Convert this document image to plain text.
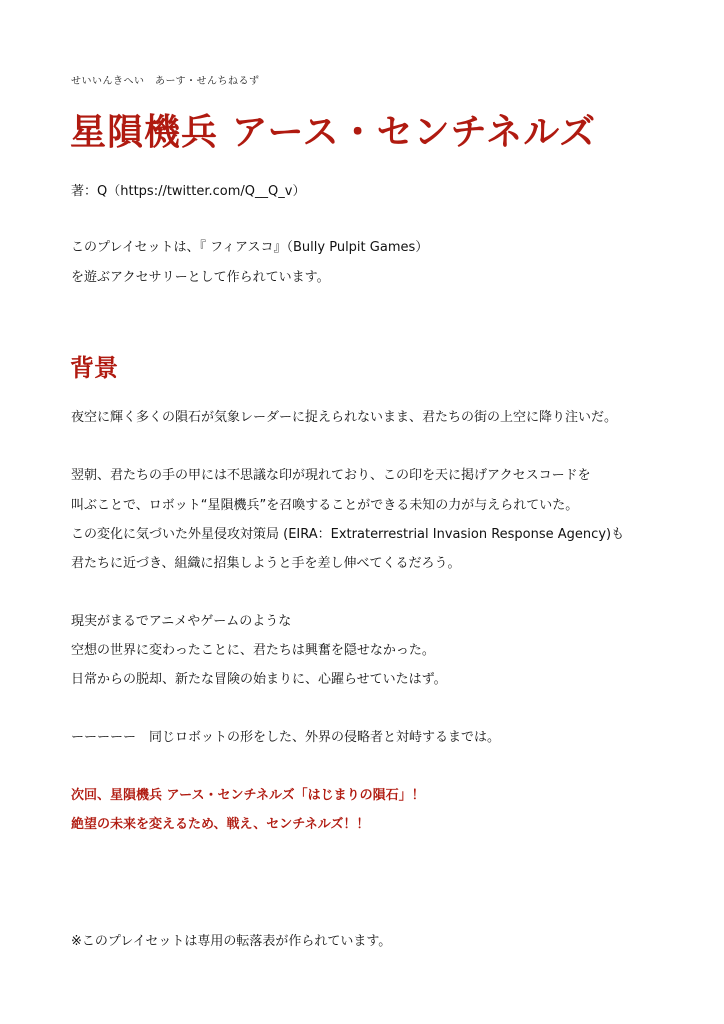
せいいんきへい　あーす・せんちねるず
星隕機兵 アース・センチネルズ
著：Q（https://twitter.com/Q__Q_v）
このプレイセットは、『 フィアスコ』（Bully Pulpit Games）
を遊ぶアクセサリーとして作られています。
背景
夜空に輝く多くの隕石が気象レーダーに捉えられないまま、君たちの街の上空に降り注いだ。
翌朝、君たちの手の甲には不思議な印が現れており、この印を天に掲げアクセスコードを
叫ぶことで、ロボット“星隕機兵”を召喚することができる未知の力が与えられていた。
この変化に気づいた外星侵攻対策局 (EIRA：Extraterrestrial Invasion Response Agency)も
君たちに近づき、組織に招集しようと手を差し伸べてくるだろう。
現実がまるでアニメやゲームのような
空想の世界に変わったことに、君たちは興奮を隠せなかった。
日常からの脱却、新たな冒険の始まりに、心躍らせていたはず。
ーーーーー　同じロボットの形をした、外界の侵略者と対峙するまでは。
次回、星隕機兵 アース・センチネルズ「はじまりの隕石」！
絶望の未来を変えるため、戦え、センチネルズ！！
※このプレイセットは専用の転落表が作られています。
